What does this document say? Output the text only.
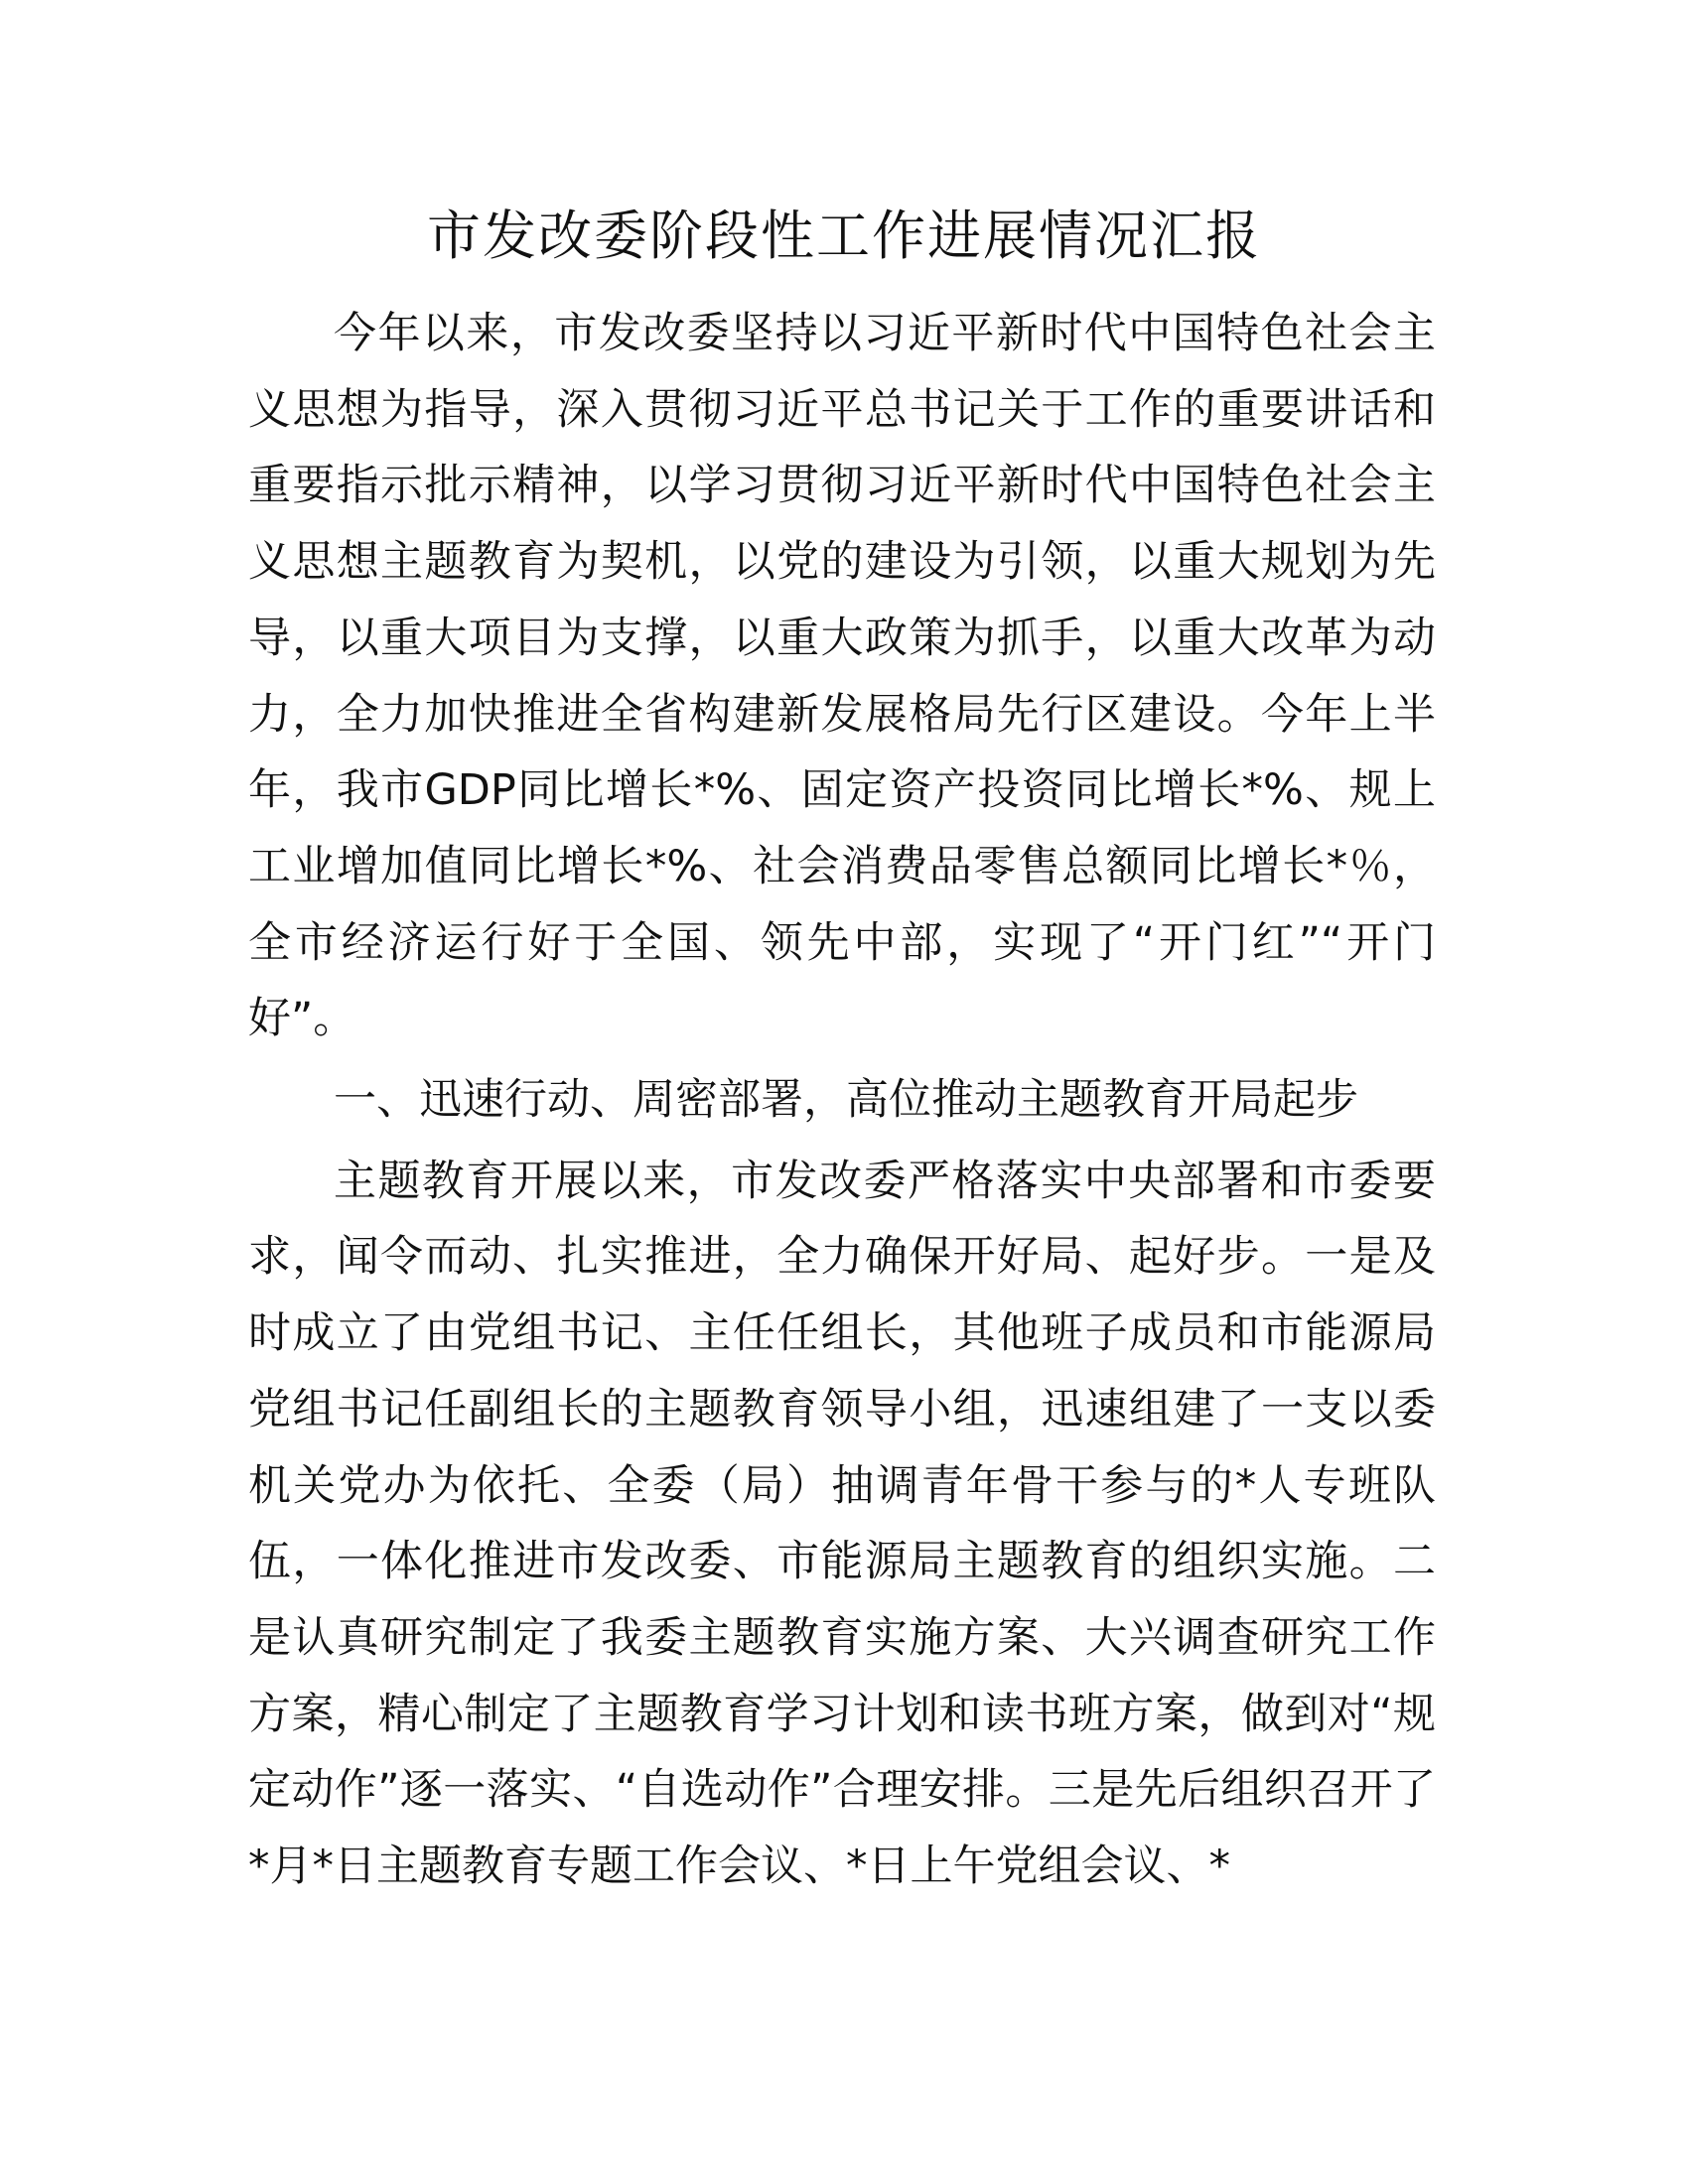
市发改委阶段性工作进展情况汇报

今年以来，市发改委坚持以习近平新时代中国特色社会主义思想为指导，深入贯彻习近平总书记关于工作的重要讲话和重要指示批示精神，以学习贯彻习近平新时代中国特色社会主义思想主题教育为契机，以党的建设为引领，以重大规划为先导，以重大项目为支撑，以重大政策为抓手，以重大改革为动力，全力加快推进全省构建新发展格局先行区建设。今年上半年，我市GDP同比增长*%、固定资产投资同比增长*%、规上工业增加值同比增长*%、社会消费品零售总额同比增长*％，全市经济运行好于全国、领先中部，实现了“开门红”“开门好”。

一、迅速行动、周密部署，高位推动主题教育开局起步

主题教育开展以来，市发改委严格落实中央部署和市委要求，闻令而动、扎实推进，全力确保开好局、起好步。一是及时成立了由党组书记、主任任组长，其他班子成员和市能源局党组书记任副组长的主题教育领导小组，迅速组建了一支以委机关党办为依托、全委（局）抽调青年骨干参与的*人专班队伍，一体化推进市发改委、市能源局主题教育的组织实施。二是认真研究制定了我委主题教育实施方案、大兴调查研究工作方案，精心制定了主题教育学习计划和读书班方案，做到对“规定动作”逐一落实、“自选动作”合理安排。三是先后组织召开了*月*日主题教育专题工作会议、*日上午党组会议、*
